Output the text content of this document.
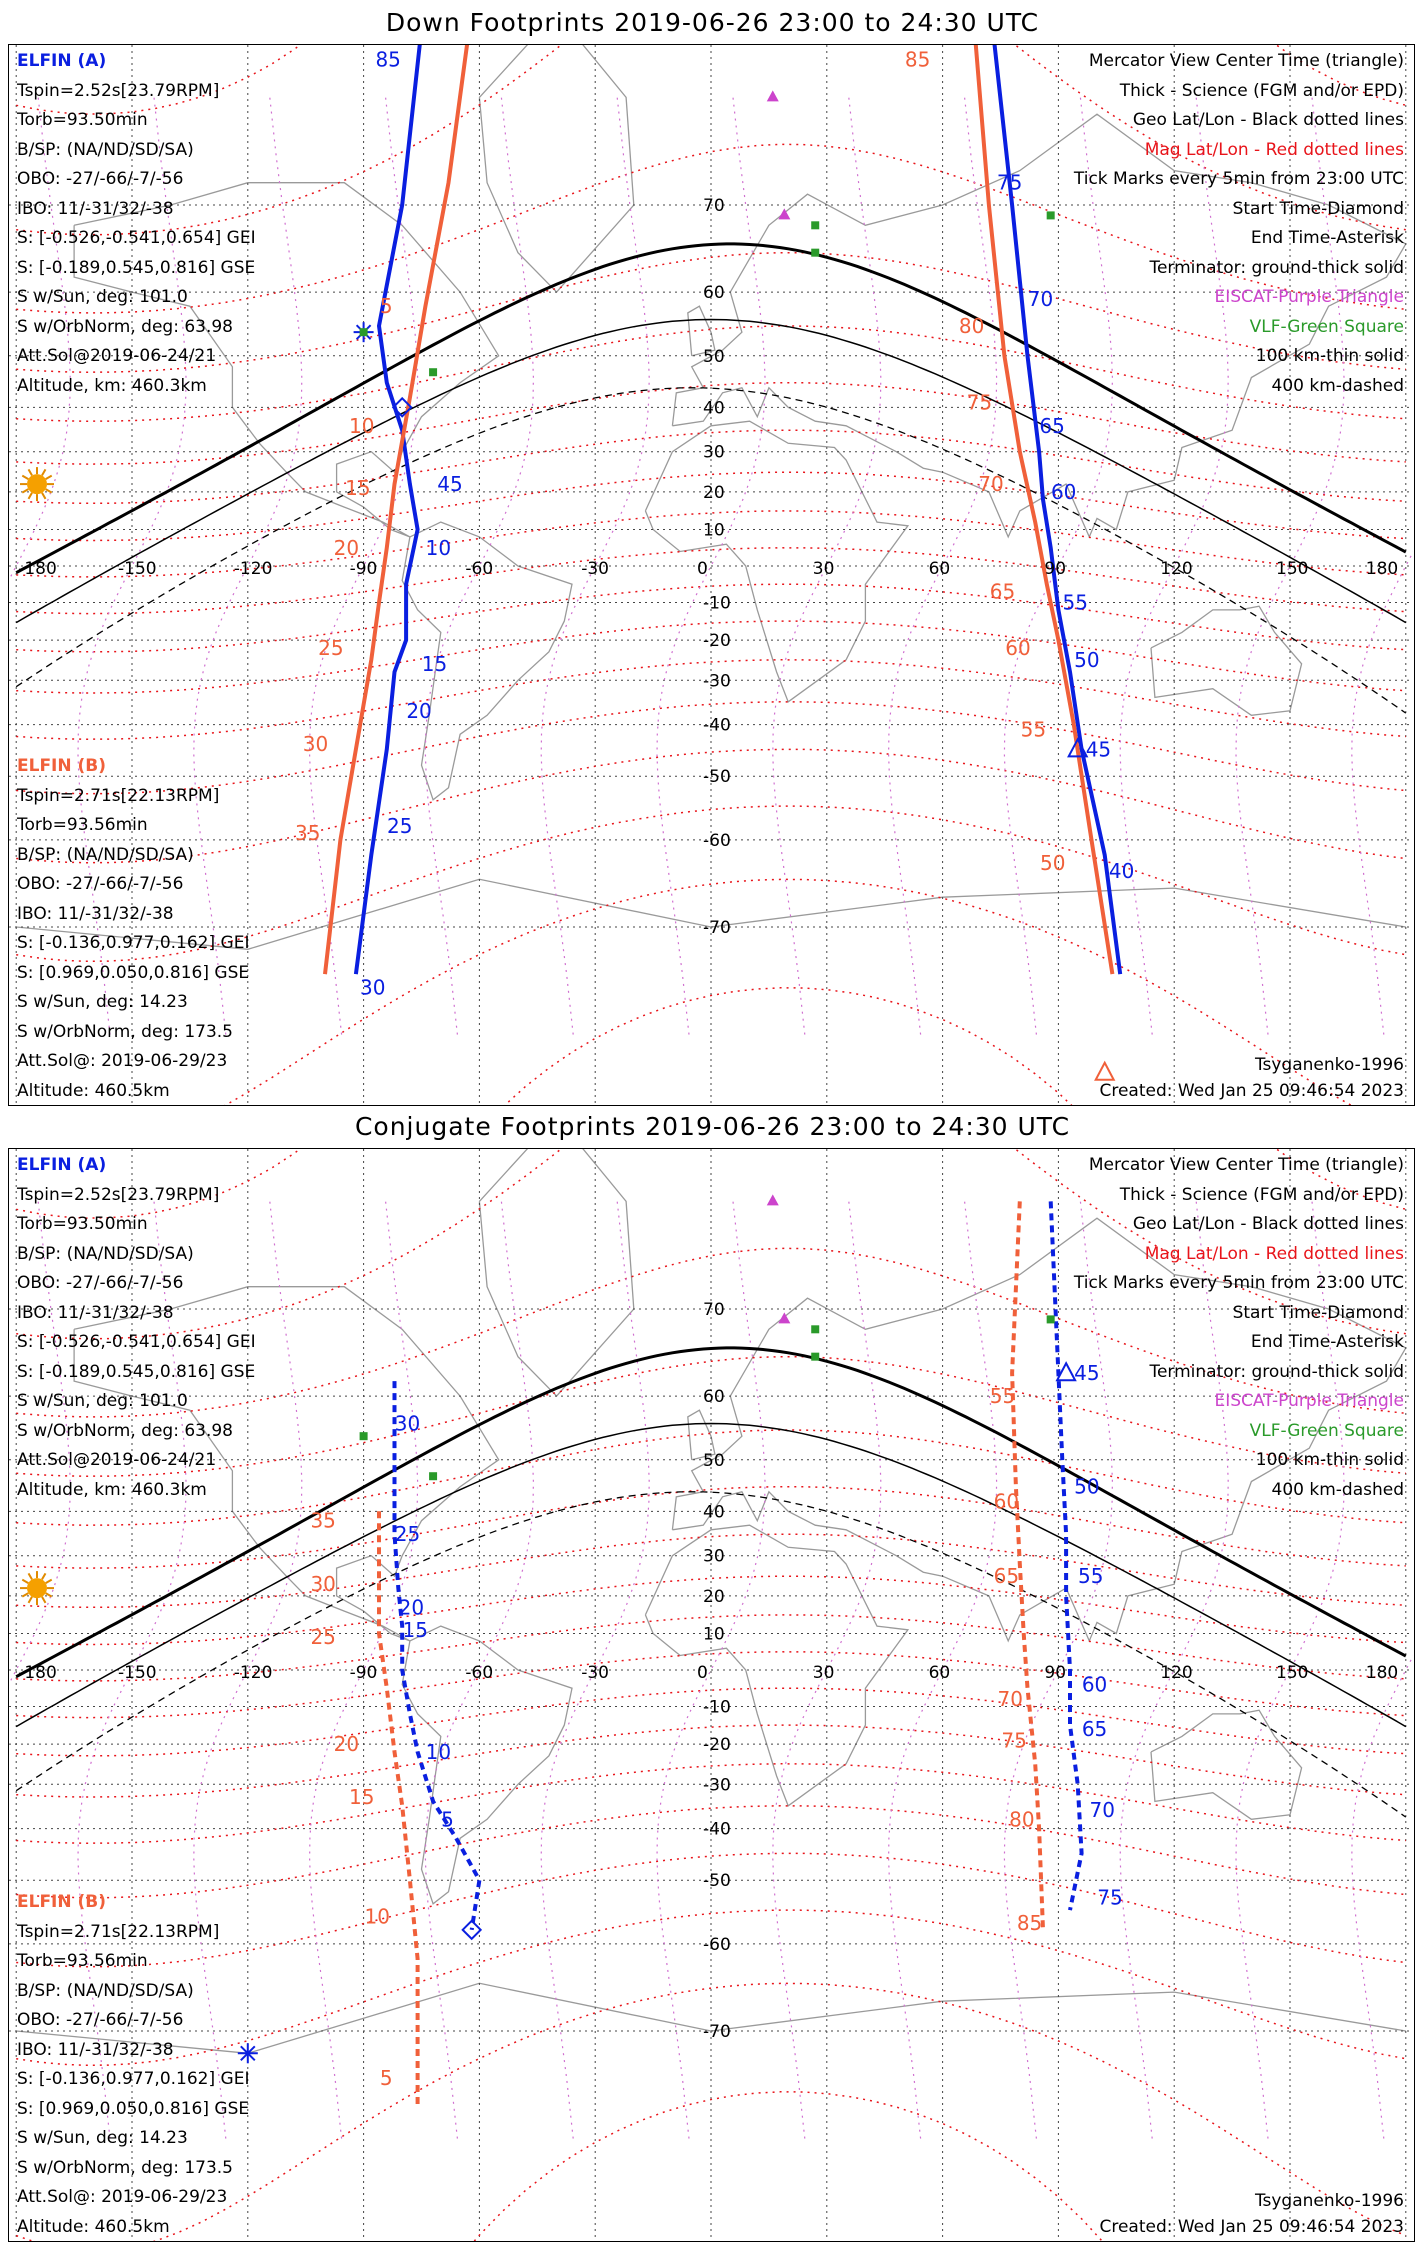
Down Footprints 2019-06-26 23:00 to 24:30 UTC
85
75
70
65
60
55
50
45
40
30
25
20
15
10
45
85
80
75
70
65
60
55
50
5
10
15
20
25
30
35
-180	-150	-120	-90	-60	-30	0	30	60	90	120	150	180
70
60
50
40
30
20
10
-10
-20
-30
-40
-50
-60
-70
ELFIN (A)
Tspin=2.52s[23.79RPM]
Torb=93.50min
B/SP: (NA/ND/SD/SA)
OBO: -27/-66/-7/-56
IBO: 11/-31/32/-38
S: [-0.526,-0.541,0.654] GEI
S: [-0.189,0.545,0.816] GSE
S w/Sun, deg: 101.0
S w/OrbNorm, deg: 63.98
Att.Sol@2019-06-24/21
Altitude, km: 460.3km
ELFIN (B)
Tspin=2.71s[22.13RPM]
Torb=93.56min
B/SP: (NA/ND/SD/SA)
OBO: -27/-66/-7/-56
IBO: 11/-31/32/-38
S: [-0.136,0.977,0.162] GEI
S: [0.969,0.050,0.816] GSE
S w/Sun, deg: 14.23
S w/OrbNorm, deg: 173.5
Att.Sol@: 2019-06-29/23
Altitude: 460.5km
Mercator View Center Time (triangle)
Thick - Science (FGM and/or EPD)
Geo Lat/Lon - Black dotted lines
Mag Lat/Lon - Red dotted lines
Tick Marks every 5min from 23:00 UTC
Start Time-Diamond
End Time-Asterisk
Terminator: ground-thick solid
EISCAT-Purple Triangle
VLF-Green Square
100 km-thin solid
400 km-dashed
Tsyganenko-1996
Created: Wed Jan 25 09:46:54 2023
Conjugate Footprints 2019-06-26 23:00 to 24:30 UTC
30
25
20
15
10
5
45
50
55
60
65
70
75
35
30
25
20
15
10
5
55
60
65
70
75
80
85
-180	-150	-120	-90	-60	-30	0	30	60	90	120	150	180
70
60
50
40
30
20
10
-10
-20
-30
-40
-50
-60
-70
ELFIN (A)
Tspin=2.52s[23.79RPM]
Torb=93.50min
B/SP: (NA/ND/SD/SA)
OBO: -27/-66/-7/-56
IBO: 11/-31/32/-38
S: [-0.526,-0.541,0.654] GEI
S: [-0.189,0.545,0.816] GSE
S w/Sun, deg: 101.0
S w/OrbNorm, deg: 63.98
Att.Sol@2019-06-24/21
Altitude, km: 460.3km
ELFIN (B)
Tspin=2.71s[22.13RPM]
Torb=93.56min
B/SP: (NA/ND/SD/SA)
OBO: -27/-66/-7/-56
IBO: 11/-31/32/-38
S: [-0.136,0.977,0.162] GEI
S: [0.969,0.050,0.816] GSE
S w/Sun, deg: 14.23
S w/OrbNorm, deg: 173.5
Att.Sol@: 2019-06-29/23
Altitude: 460.5km
Mercator View Center Time (triangle)
Thick - Science (FGM and/or EPD)
Geo Lat/Lon - Black dotted lines
Mag Lat/Lon - Red dotted lines
Tick Marks every 5min from 23:00 UTC
Start Time-Diamond
End Time-Asterisk
Terminator: ground-thick solid
EISCAT-Purple Triangle
VLF-Green Square
100 km-thin solid
400 km-dashed
Tsyganenko-1996
Created: Wed Jan 25 09:46:54 2023
